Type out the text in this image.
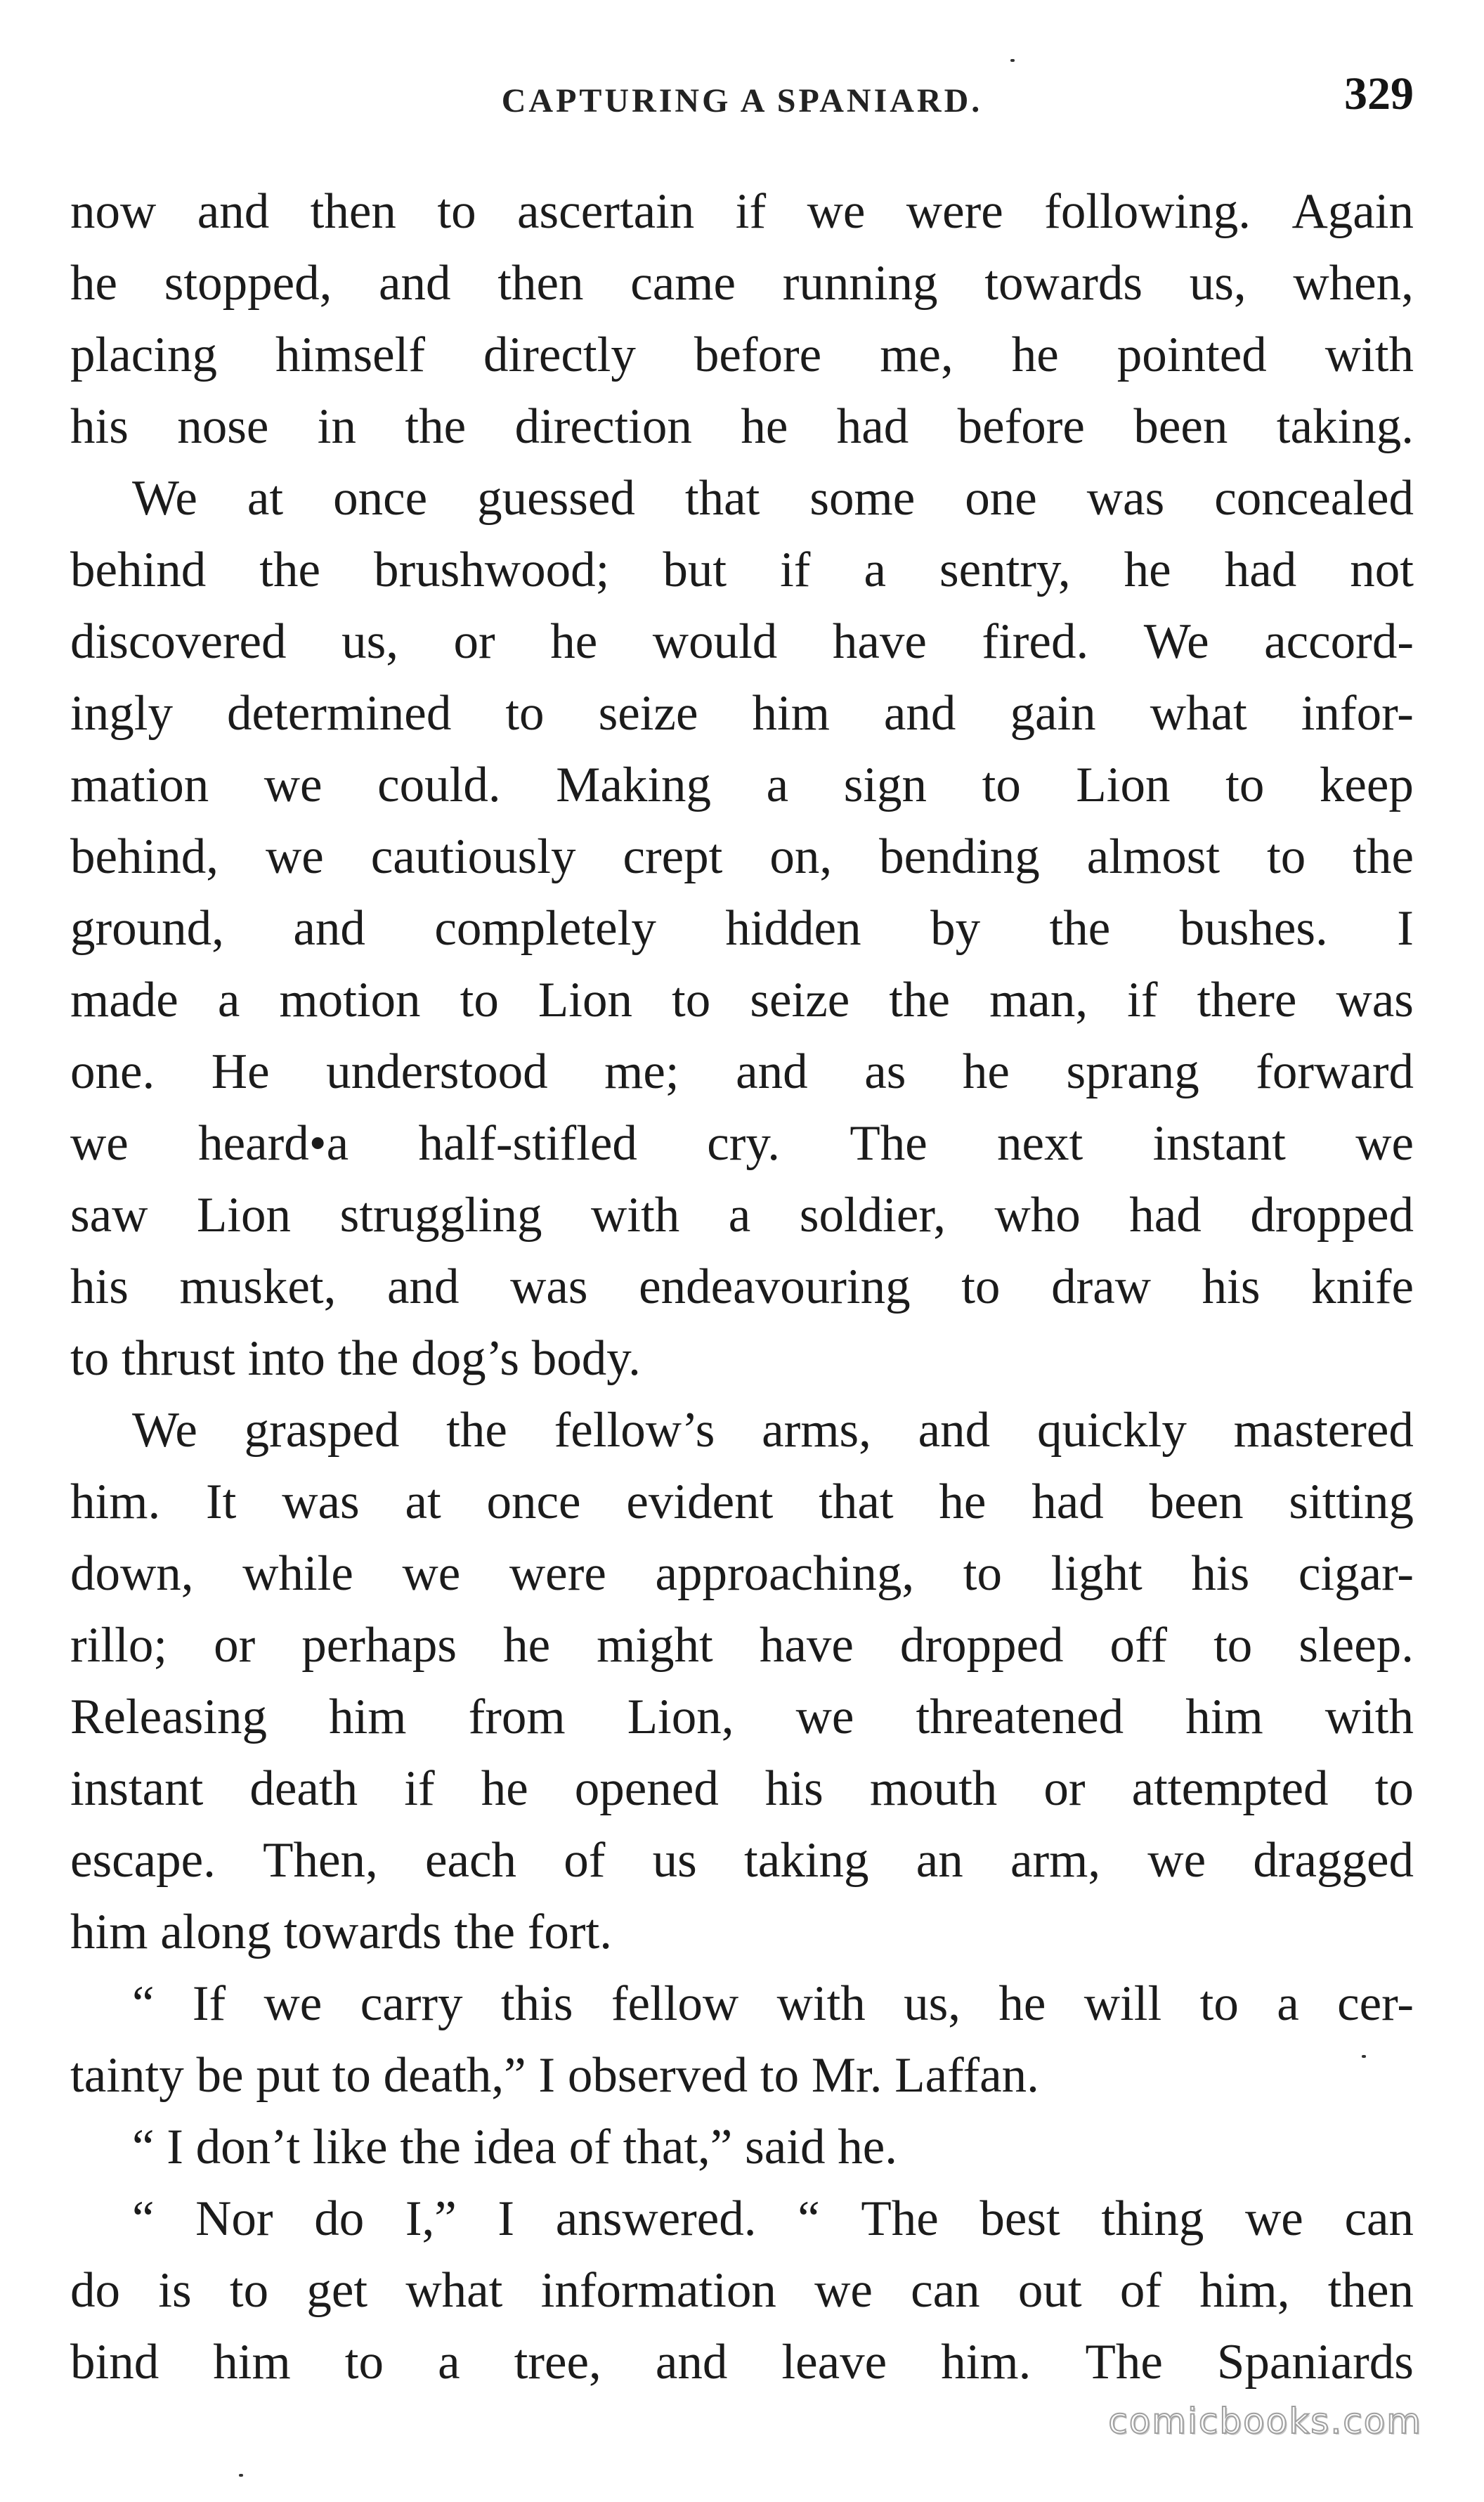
CAPTURING A SPANIARD.	329
now and then to ascertain if we were following. Again
he stopped, and then came running towards us, when,
placing himself directly before me, he pointed with
his nose in the direction he had before been taking.
We at once guessed that some one was concealed
behind the brushwood; but if a sentry, he had not
discovered us, or he would have fired. We accord-
ingly determined to seize him and gain what infor-
mation we could. Making a sign to Lion to keep
behind, we cautiously crept on, bending almost to the
ground, and completely hidden by the bushes. I
made a motion to Lion to seize the man, if there was
one. He understood me; and as he sprang forward
we heard•a half-stifled cry. The next instant we
saw Lion struggling with a soldier, who had dropped
his musket, and was endeavouring to draw his knife
to thrust into the dog’s body.
We grasped the fellow’s arms, and quickly mastered
him. It was at once evident that he had been sitting
down, while we were approaching, to light his cigar-
rillo; or perhaps he might have dropped off to sleep.
Releasing him from Lion, we threatened him with
instant death if he opened his mouth or attempted to
escape. Then, each of us taking an arm, we dragged
him along towards the fort.
“ If we carry this fellow with us, he will to a cer-
tainty be put to death,” I observed to Mr. Laffan.
“ I don’t like the idea of that,” said he.
“ Nor do I,” I answered. “ The best thing we can
do is to get what information we can out of him, then
bind him to a tree, and leave him. The Spaniards
comicbooks.com
